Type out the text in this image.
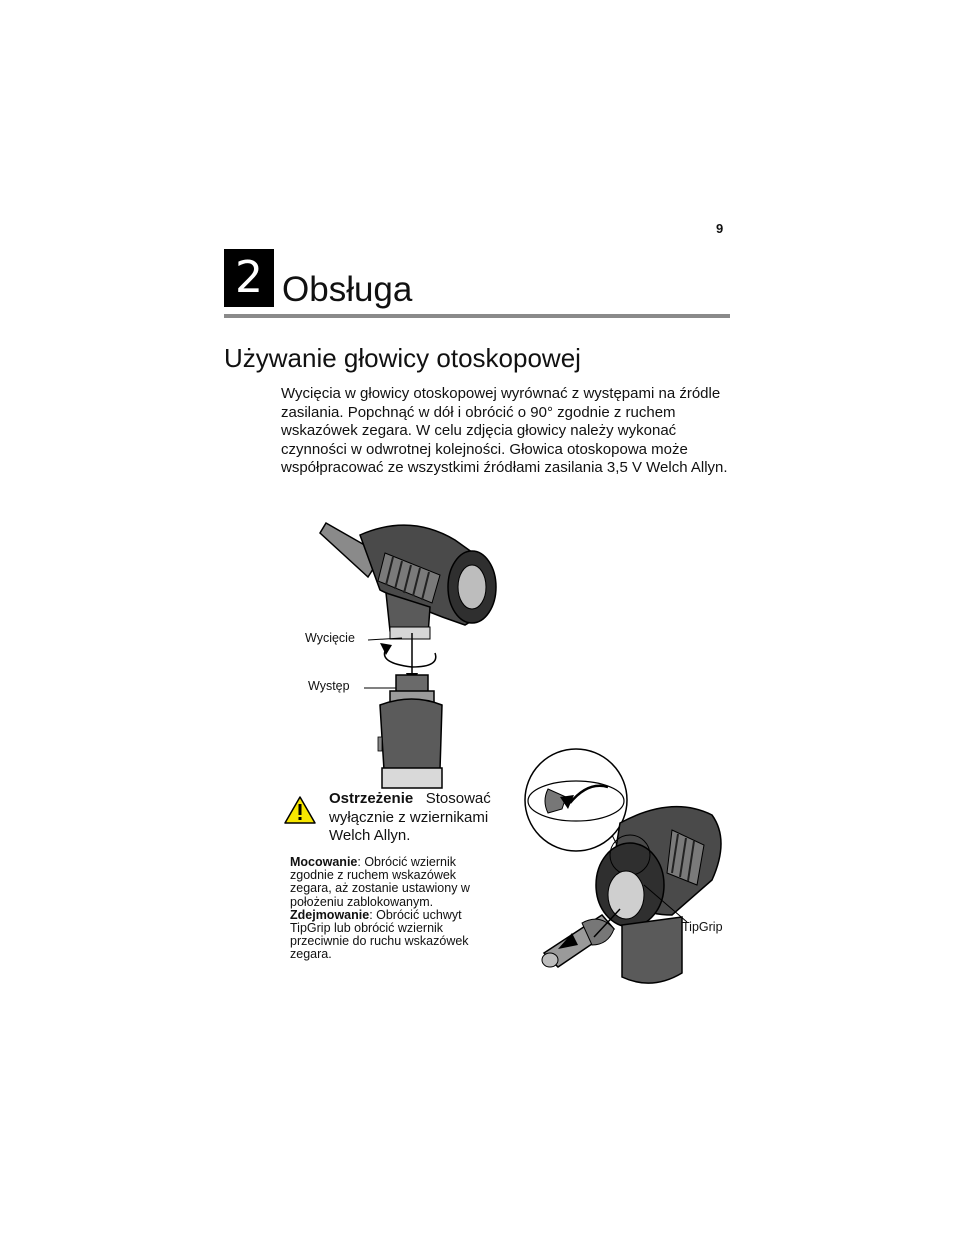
9
2 Obsługa
Używanie głowicy otoskopowej
Wycięcia w głowicy otoskopowej wyrównać z występami na źródle zasilania. Popchnąć w dół i obrócić o 90° zgodnie z ruchem wskazówek zegara. W celu zdjęcia głowicy należy wykonać czynności w odwrotnej kolejności. Głowica otoskopowa może współpracować ze wszystkimi źródłami zasilania 3,5 V Welch Allyn.
Wycięcie
Występ
Ostrzeżenie Stosować wyłącznie z wziernikami Welch Allyn.
Mocowanie: Obrócić wziernik zgodnie z ruchem wskazówek zegara, aż zostanie ustawiony w położeniu zablokowanym.
Zdejmowanie: Obrócić uchwyt TipGrip lub obrócić wziernik przeciwnie do ruchu wskazówek zegara.
TipGrip
